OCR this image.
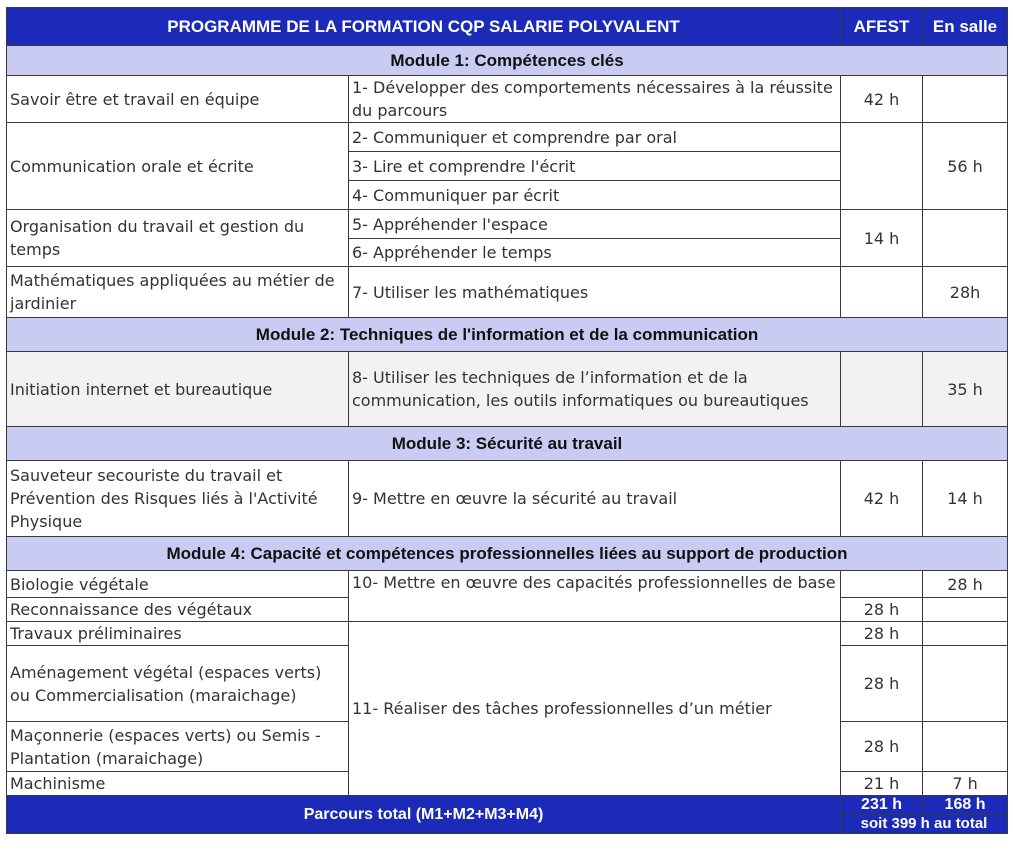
PROGRAMME DE LA FORMATION CQP SALARIE POLYVALENT		AFEST	En salle
Module 1: Compétences clés			
Savoir être et travail en équipe	1- Développer des comportements nécessaires à la réussite du parcours	42 h	
Communication orale et écrite	2- Communiquer et comprendre par oral		56 h
	3- Lire et comprendre l'écrit		
	4- Communiquer par écrit		
Organisation du travail et gestion du temps	5- Appréhender l'espace	14 h	
	6- Appréhender le temps		
Mathématiques appliquées au métier de jardinier	7- Utiliser les mathématiques		28h
Module 2: Techniques de l'information et de la communication			
Initiation internet et bureautique	8- Utiliser les techniques de l’information et de la communication, les outils informatiques ou bureautiques		35 h
Module 3: Sécurité au travail			
Sauveteur secouriste du travail et Prévention des Risques liés à l'Activité Physique	9- Mettre en œuvre la sécurité au travail	42 h	14 h
Module 4: Capacité et compétences professionnelles liées au support de production			
Biologie végétale	10- Mettre en œuvre des capacités professionnelles de base		28 h
Reconnaissance des végétaux		28 h	
Travaux préliminaires	11- Réaliser des tâches professionnelles d’un métier	28 h	
Aménagement végétal (espaces verts) ou Commercialisation (maraichage)		28 h	
Maçonnerie (espaces verts) ou Semis - Plantation (maraichage)		28 h	
Machinisme		21 h	7 h
Parcours total (M1+M2+M3+M4)		231 h	168 h
		soit 399 h au total	
